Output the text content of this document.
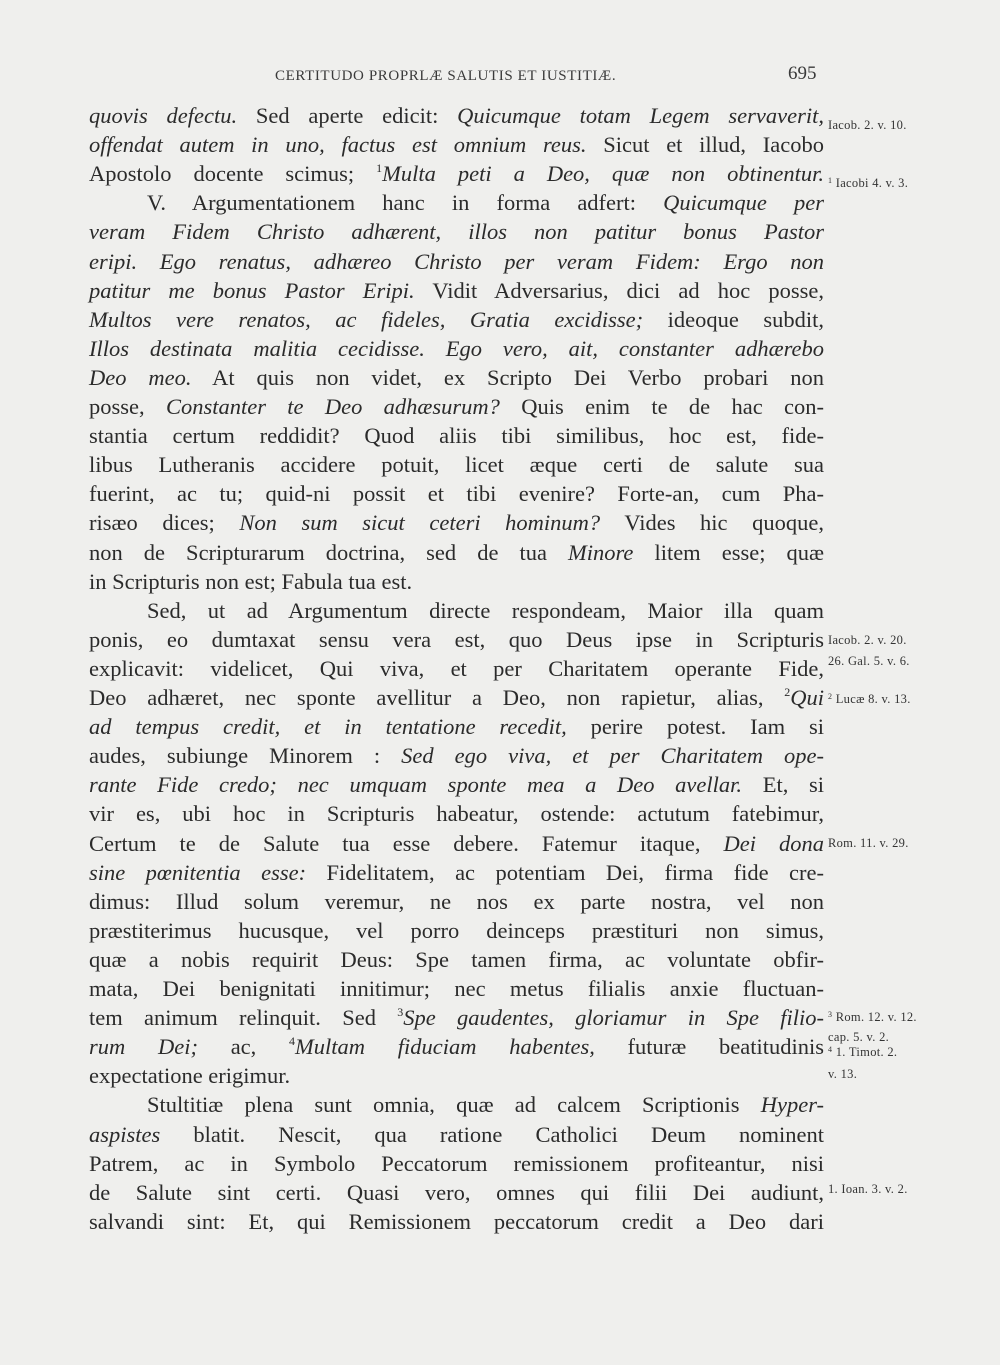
CERTITUDO PROPRLÆ SALUTIS ET IUSTITIÆ.	695
quovis defectu. Sed aperte edicit: Quicumque totam Legem servaverit,
offendat autem in uno, factus est omnium reus. Sicut et illud, Iacobo
Apostolo docente scimus; $^1$Multa peti a Deo, quæ non obtinentur.
V. Argumentationem hanc in forma adfert: Quicumque per
veram Fidem Christo adhærent, illos non patitur bonus Pastor
eripi. Ego renatus, adhæreo Christo per veram Fidem: Ergo non
patitur me bonus Pastor Eripi. Vidit Adversarius, dici ad hoc posse,
Multos vere renatos, ac fideles, Gratia excidisse; ideoque subdit,
Illos destinata malitia cecidisse. Ego vero, ait, constanter adhærebo
Deo meo. At quis non videt, ex Scripto Dei Verbo probari non
posse, Constanter te Deo adhæsurum? Quis enim te de hac con-
stantia certum reddidit? Quod aliis tibi similibus, hoc est, fide-
libus Lutheranis accidere potuit, licet æque certi de salute sua
fuerint, ac tu; quid-ni possit et tibi evenire? Forte-an, cum Pha-
risæo dices; Non sum sicut ceteri hominum? Vides hic quoque,
non de Scripturarum doctrina, sed de tua Minore litem esse; quæ
in Scripturis non est; Fabula tua est.
Sed, ut ad Argumentum directe respondeam, Maior illa quam
ponis, eo dumtaxat sensu vera est, quo Deus ipse in Scripturis
explicavit: videlicet, Qui viva, et per Charitatem operante Fide,
Deo adhæret, nec sponte avellitur a Deo, non rapietur, alias, $^2$Qui
ad tempus credit, et in tentatione recedit, perire potest. Iam si
audes, subiunge Minorem : Sed ego viva, et per Charitatem ope-
rante Fide credo; nec umquam sponte mea a Deo avellar. Et, si
vir es, ubi hoc in Scripturis habeatur, ostende: actutum fatebimur,
Certum te de Salute tua esse debere. Fatemur itaque, Dei dona
sine pœnitentia esse: Fidelitatem, ac potentiam Dei, firma fide cre-
dimus: Illud solum veremur, ne nos ex parte nostra, vel non
præstiterimus hucusque, vel porro deinceps præstituri non simus,
quæ a nobis requirit Deus: Spe tamen firma, ac voluntate obfir-
mata, Dei benignitati innitimur; nec metus filialis anxie fluctuan-
tem animum relinquit. Sed $^3$Spe gaudentes, gloriamur in Spe filio-
rum Dei; ac, $^4$Multam fiduciam habentes, futuræ beatitudinis
expectatione erigimur.
Stultitiæ plena sunt omnia, quæ ad calcem Scriptionis Hyper-
aspistes blatit. Nescit, qua ratione Catholici Deum nominent
Patrem, ac in Symbolo Peccatorum remissionem profiteantur, nisi
de Salute sint certi. Quasi vero, omnes qui filii Dei audiunt,
salvandi sint: Et, qui Remissionem peccatorum credit a Deo dari
Iacob. 2. v. 10.
$^1$ Iacobi 4. v. 3.
Iacob. 2. v. 20.
26. Gal. 5. v. 6.
$^2$ Lucæ 8. v. 13.
Rom. 11. v. 29.
$^3$ Rom. 12. v. 12.
cap. 5. v. 2.
$^4$ 1. Timot. 2.
v. 13.
1. Ioan. 3. v. 2.
